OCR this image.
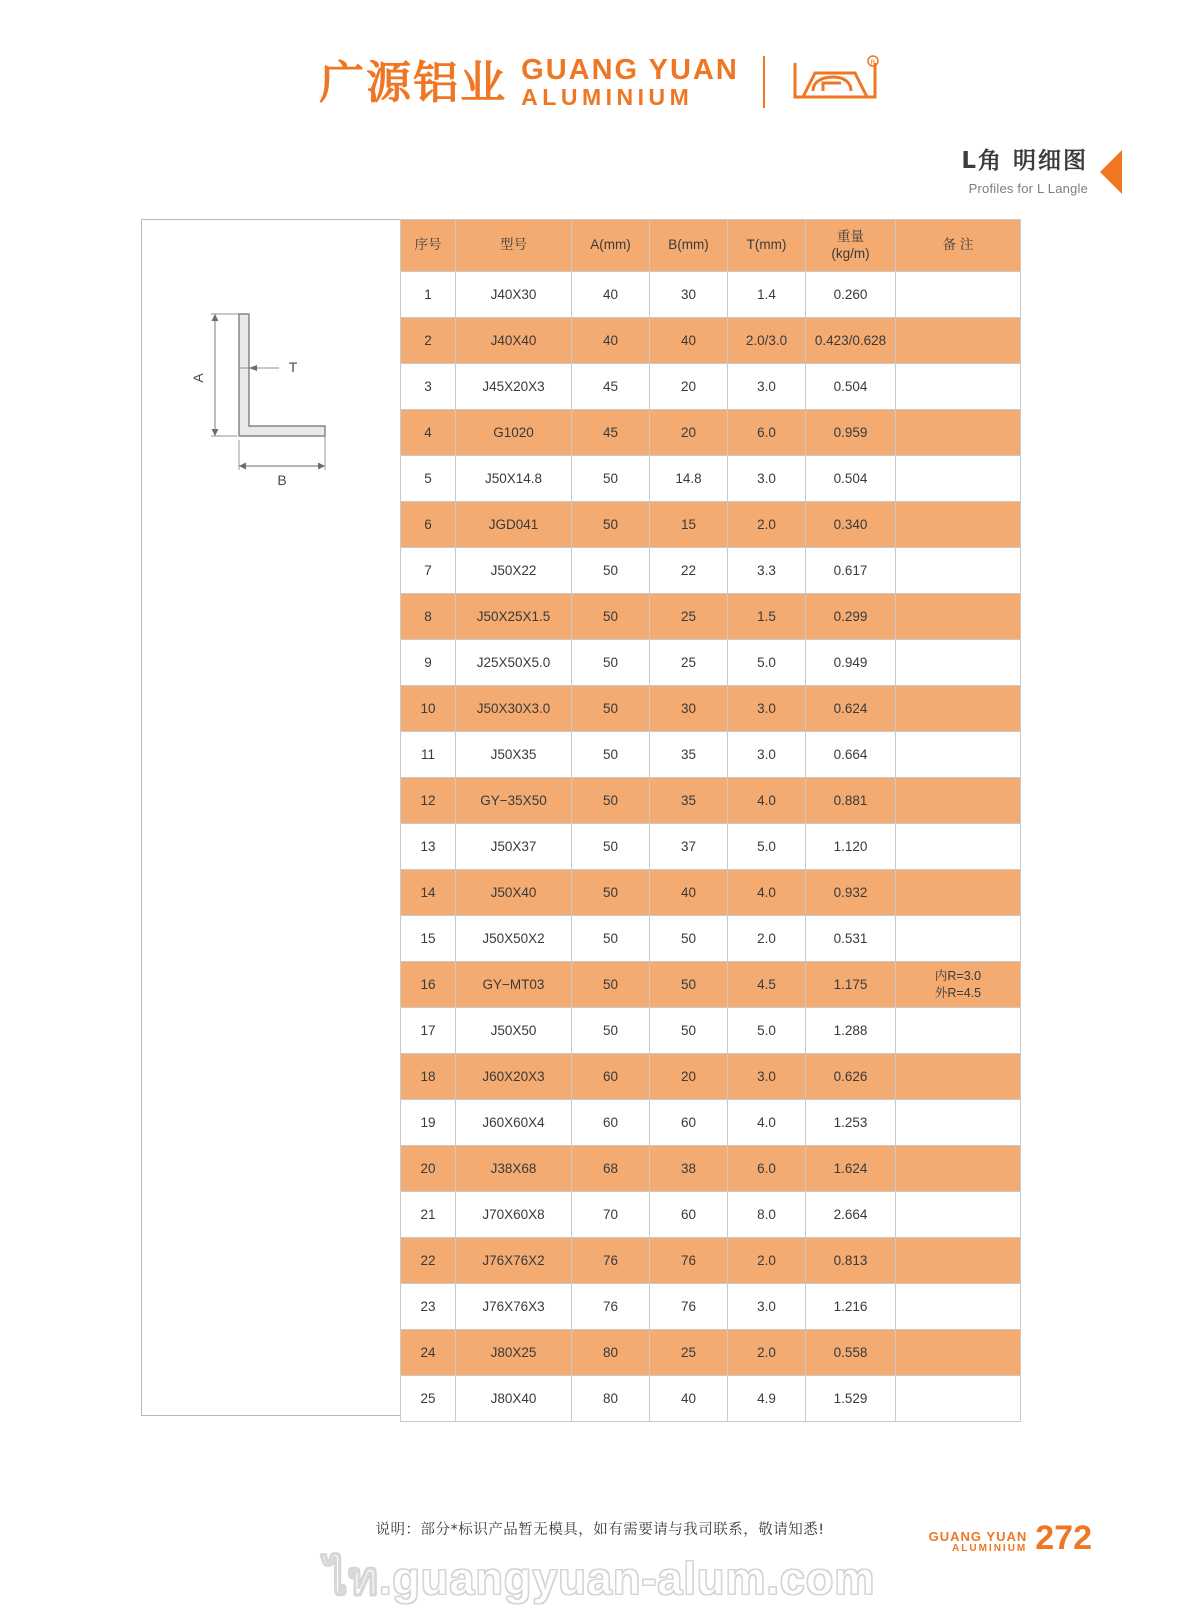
广源铝业 GUANG YUAN
ALUMINIUM
R
L角 明细图
Profiles for L Langle
A
B
T
序号	型号	A(mm)	B(mm)	T(mm)	重量
(kg/m)	备 注
1	J40X30	40	30	1.4	0.260	
2	J40X40	40	40	2.0/3.0	0.423/0.628	
3	J45X20X3	45	20	3.0	0.504	
4	G1020	45	20	6.0	0.959	
5	J50X14.8	50	14.8	3.0	0.504	
6	JGD041	50	15	2.0	0.340	
7	J50X22	50	22	3.3	0.617	
8	J50X25X1.5	50	25	1.5	0.299	
9	J25X50X5.0	50	25	5.0	0.949	
10	J50X30X3.0	50	30	3.0	0.624	
11	J50X35	50	35	3.0	0.664	
12	GY−35X50	50	35	4.0	0.881	
13	J50X37	50	37	5.0	1.120	
14	J50X40	50	40	4.0	0.932	
15	J50X50X2	50	50	2.0	0.531	
16	GY−MT03	50	50	4.5	1.175	内R=3.0
外R=4.5

17	J50X50	50	50	5.0	1.288	
18	J60X20X3	60	20	3.0	0.626	
19	J60X60X4	60	60	4.0	1.253	
20	J38X68	68	38	6.0	1.624	
21	J70X60X8	70	60	8.0	2.664	
22	J76X76X2	76	76	2.0	0.813	
23	J76X76X3	76	76	3.0	1.216	
24	J80X25	80	25	2.0	0.558	
25	J80X40	80	40	4.9	1.529	
说明：部分*标识产品暂无模具，如有需要请与我司联系，敬请知悉!	GUANG YUAN
ALUMINIUM 272
ไท.guangyuan-alum.com
